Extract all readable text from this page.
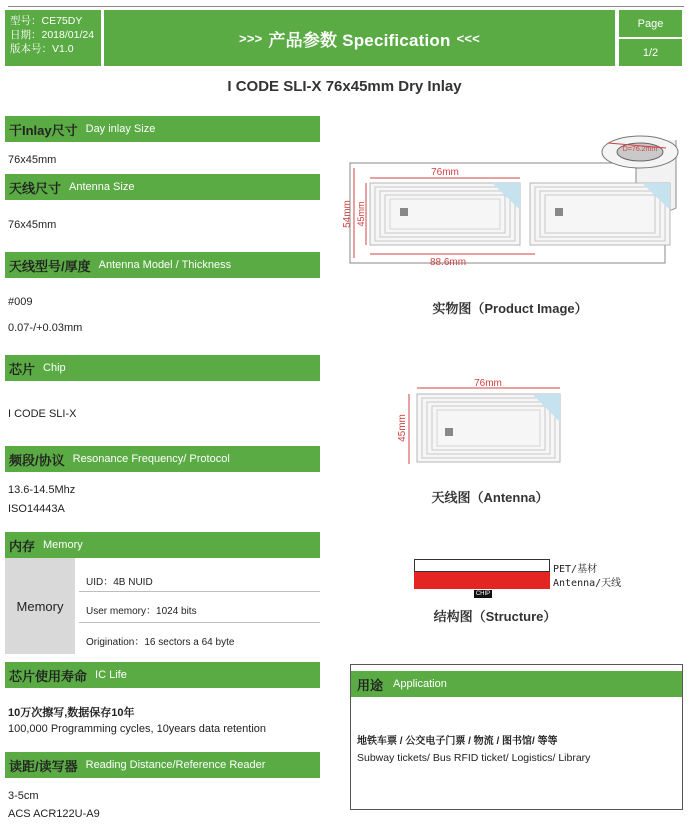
型号：CE75DY
日期：2018/01/24
版本号：V1.0
>>> 产品参数 Specification <<<
Page
1/2
I CODE SLI-X 76x45mm Dry Inlay
干Inlay尺寸 Day inlay Size
76x45mm
天线尺寸 Antenna Size
76x45mm
天线型号/厚度 Antenna Model / Thickness
#009
0.07-/+0.03mm
芯片 Chip
I CODE SLI-X
频段/协议 Resonance Frequency/ Protocol
13.6-14.5Mhz
ISO14443A
内存 Memory
Memory
UID：4B NUID
User memory：1024 bits
Origination：16 sectors a 64 byte
芯片使用寿命 IC Life
10万次擦写,数据保存10年
100,000 Programming cycles, 10years data retention
读距/读写器 Reading Distance/Reference Reader
3-5cm
ACS ACR122U-A9
D=76.2mm
76mm
54mm 45mm
88.6mm
实物图（Product Image）
76mm
45mm
天线图（Antenna）
CHIP
PET/基材
Antenna/天线
结构图（Structure）
用途 Application
地铁车票 / 公交电子门票 / 物流 / 图书馆/ 等等
Subway tickets/ Bus RFID ticket/ Logistics/ Library
